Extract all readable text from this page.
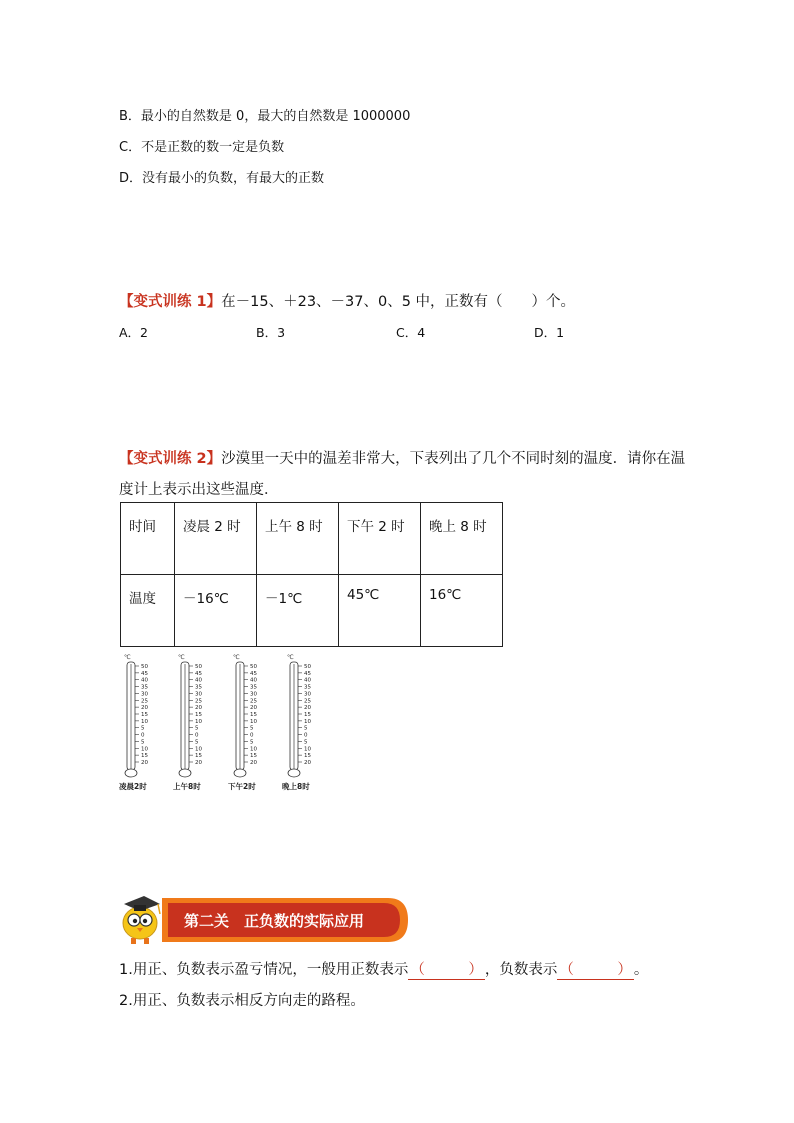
B．最小的自然数是 0，最大的自然数是 1000000
C．不是正数的数一定是负数
D．没有最小的负数，有最大的正数
【变式训练 1】在－15、＋23、－37、0、5 中，正数有（　　）个。
A．2	B．3	C．4	D．1
【变式训练 2】沙漠里一天中的温差非常大，下表列出了几个不同时刻的温度．请你在温
度计上表示出这些温度．
时间	凌晨 2 时	上午 8 时	下午 2 时	晚上 8 时
温度	－16℃	－1℃	45℃	16℃
℃
50
45
40
35
30
25
20
15
10
5
0
5
10
15
20
凌晨2时
℃
50
45
40
35
30
25
20
15
10
5
0
5
10
15
20
上午8时
℃
50
45
40
35
30
25
20
15
10
5
0
5
10
15
20
下午2时
℃
50
45
40
35
30
25
20
15
10
5
0
5
10
15
20
晚上8时
第二关　正负数的实际应用
1.用正、负数表示盈亏情况，一般用正数表示 （　　　） ，负数表示 （　　　） 。
2.用正、负数表示相反方向走的路程。
